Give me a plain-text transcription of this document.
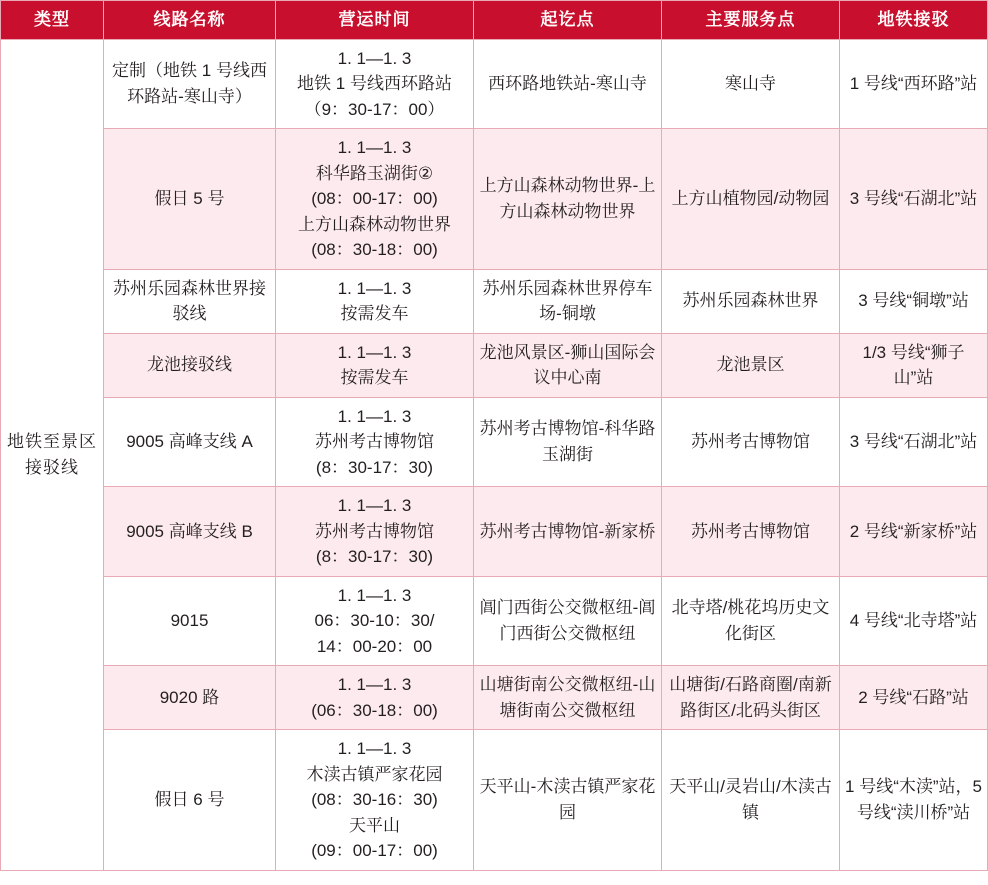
类型	线路名称	营运时间	起讫点	主要服务点	地铁接驳
地铁至景区接驳线	定制（地铁 1 号线西环路站-寒山寺）	1. 1—1. 3
地铁 1 号线西环路站
（9：30-17：00）	西环路地铁站-寒山寺	寒山寺	1 号线“西环路”站
	假日 5 号	1. 1—1. 3
科华路玉湖街②
(08：00-17：00)
上方山森林动物世界
(08：30-18：00)	上方山森林动物世界-上方山森林动物世界	上方山植物园/动物园	3 号线“石湖北”站
	苏州乐园森林世界接驳线	1. 1—1. 3
按需发车	苏州乐园森林世界停车场-铜墩	苏州乐园森林世界	3 号线“铜墩”站
	龙池接驳线	1. 1—1. 3
按需发车	龙池风景区-狮山国际会议中心南	龙池景区	1/3 号线“狮子山”站
	9005 高峰支线 A	1. 1—1. 3
苏州考古博物馆
(8：30-17：30)	苏州考古博物馆-科华路玉湖街	苏州考古博物馆	3 号线“石湖北”站
	9005 高峰支线 B	1. 1—1. 3
苏州考古博物馆
(8：30-17：30)	苏州考古博物馆-新家桥	苏州考古博物馆	2 号线“新家桥”站
	9015	1. 1—1. 3
06：30-10：30/
14：00-20：00	阊门西街公交微枢纽-阊门西街公交微枢纽	北寺塔/桃花坞历史文化街区	4 号线“北寺塔”站
	9020 路	1. 1—1. 3
(06：30-18：00)	山塘街南公交微枢纽-山塘街南公交微枢纽	山塘街/石路商圈/南新路街区/北码头街区	2 号线“石路”站
	假日 6 号	1. 1—1. 3
木渎古镇严家花园
(08：30-16：30)
天平山
(09：00-17：00)	天平山-木渎古镇严家花园	天平山/灵岩山/木渎古镇	1 号线“木渎”站，5 号线“渎川桥”站
